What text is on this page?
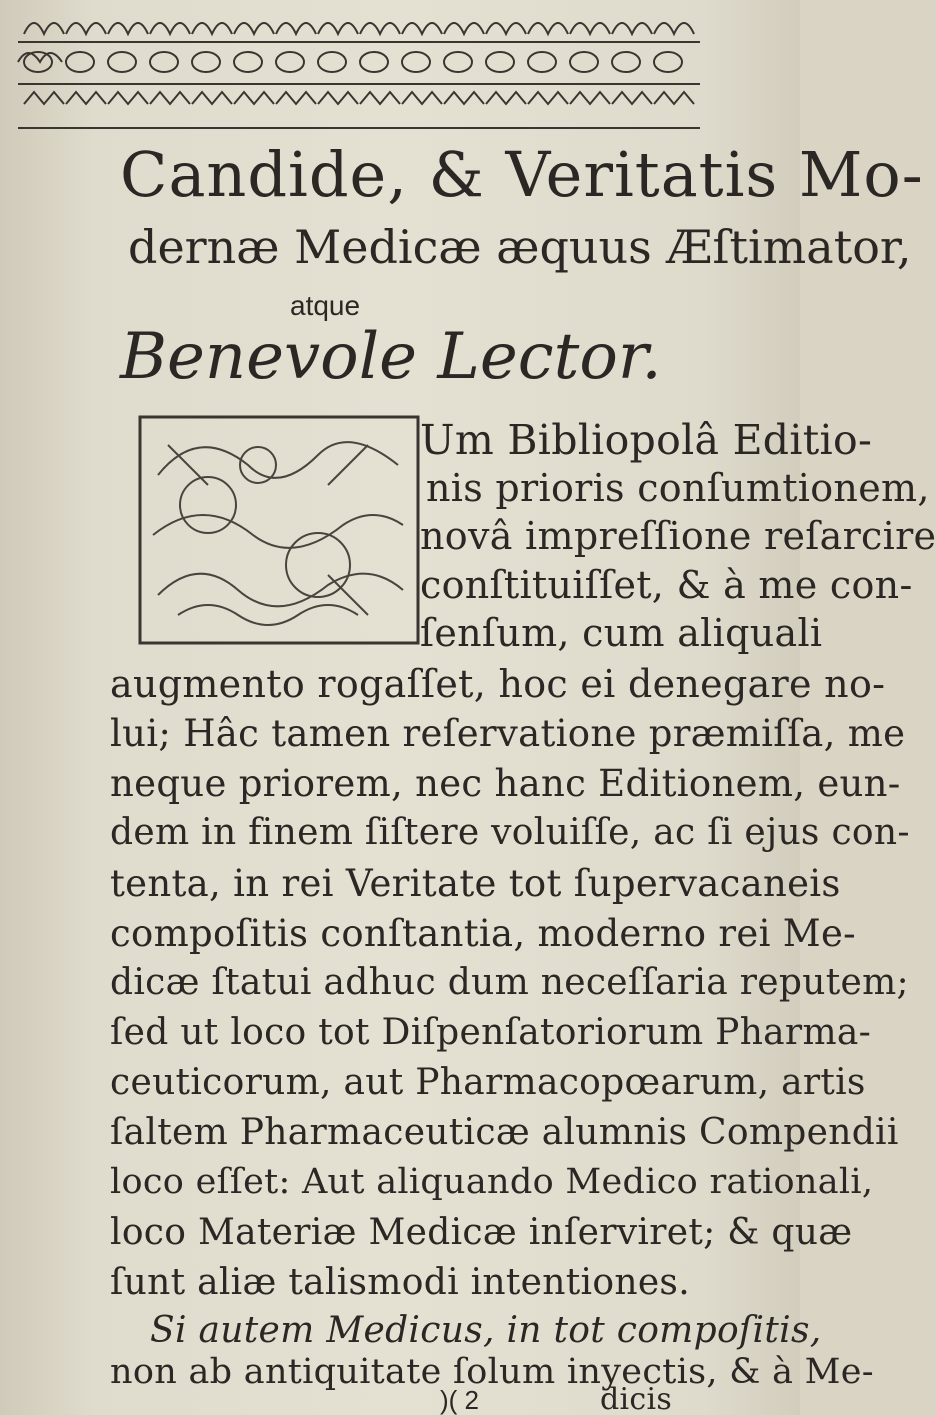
Candide, & Veritatis Mo-
dernæ Medicæ æquus Æſtimator,
atque
Benevole Lector.
Um Bibliopolâ Editio-
nis prioris conſumtionem,
novâ impreſſione reſarcire
conſtituiſſet, & à me con-
ſenſum, cum aliquali
augmento rogaſſet, hoc ei denegare no-
lui; Hâc tamen reſervatione præmiſſa, me
neque priorem, nec hanc Editionem, eun-
dem in finem ſiſtere voluiſſe, ac ſi ejus con-
tenta, in rei Veritate tot ſupervacaneis
compoſitis conſtantia, moderno rei Me-
dicæ ſtatui adhuc dum neceſſaria reputem;
ſed ut loco tot Diſpenſatoriorum Pharma-
ceuticorum, aut Pharmacopœarum, artis
ſaltem Pharmaceuticæ alumnis Compendii
loco eſſet: Aut aliquando Medico rationali,
loco Materiæ Medicæ inſerviret; & quæ
ſunt aliæ talismodi intentiones.
Si autem Medicus, in tot compoſitis,
non ab antiquitate ſolum inyectis, & à Me-
)( 2	dicis
